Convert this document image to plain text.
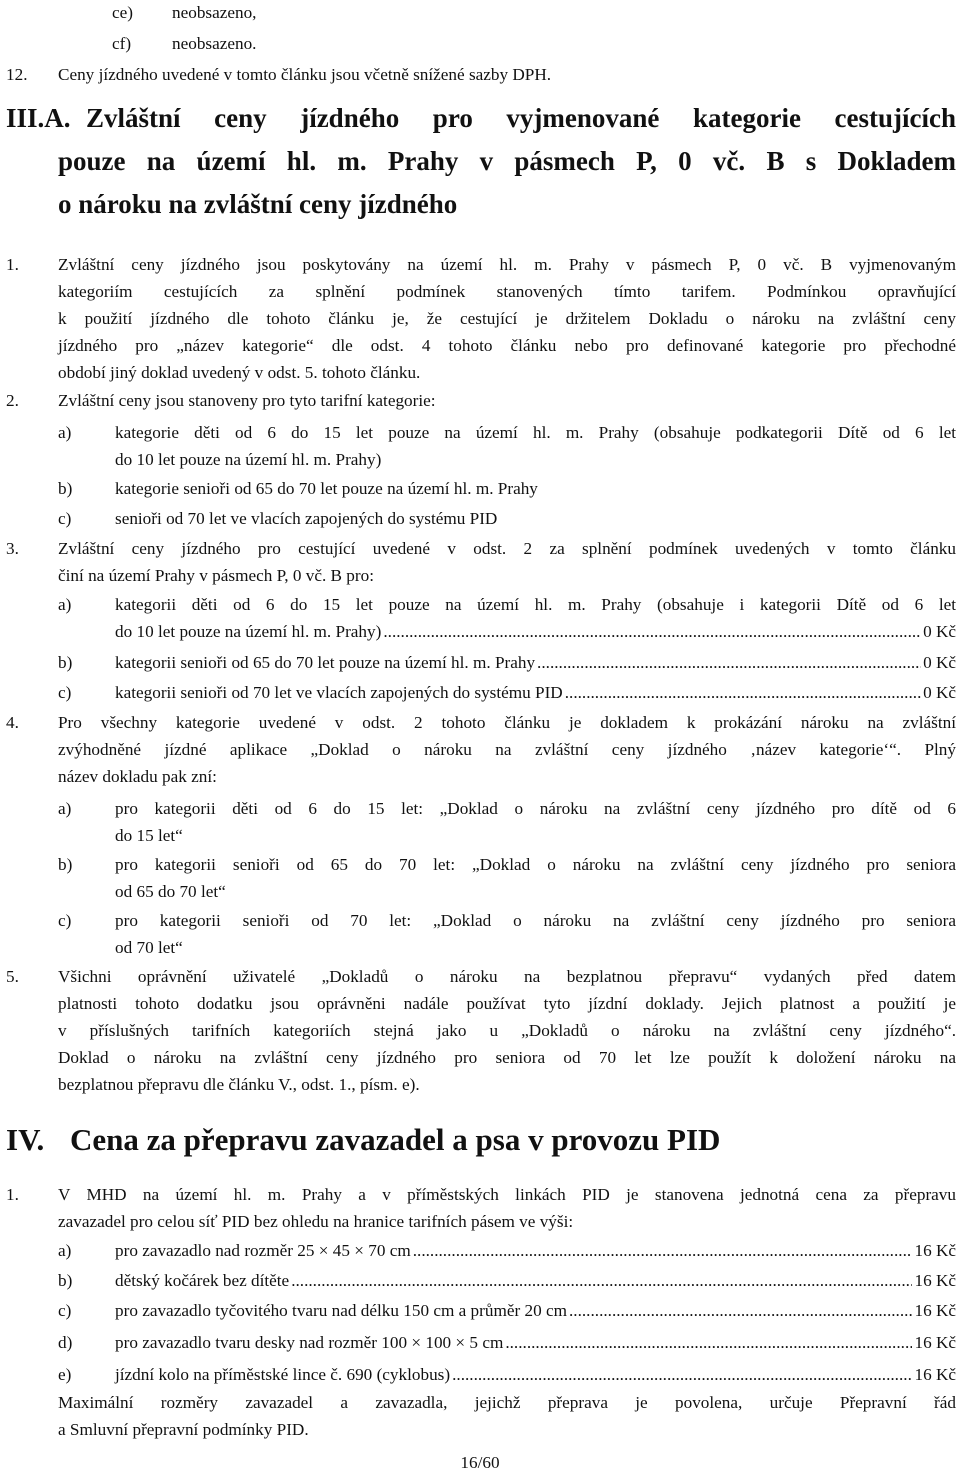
ce) neobsazeno,
cf) neobsazeno.
12. Ceny jízdného uvedené v tomto článku jsou včetně snížené sazby DPH.
III.A. Zvláštní ceny jízdného pro vyjmenované kategorie cestujících
pouze na území hl. m. Prahy v pásmech P, 0 vč. B s Dokladem
o nároku na zvláštní ceny jízdného
1. Zvláštní ceny jízdného jsou poskytovány na území hl. m. Prahy v pásmech P, 0 vč. B vyjmenovaným
kategoriím cestujících za splnění podmínek stanovených tímto tarifem. Podmínkou opravňující
k použití jízdného dle tohoto článku je, že cestující je držitelem Dokladu o nároku na zvláštní ceny
jízdného pro „název kategorie“ dle odst. 4 tohoto článku nebo pro definované kategorie pro přechodné
období jiný doklad uvedený v odst. 5. tohoto článku.
2. Zvláštní ceny jsou stanoveny pro tyto tarifní kategorie:
a)	kategorie děti od 6 do 15 let pouze na území hl. m. Prahy (obsahuje podkategorii Dítě od 6 let
do 10 let pouze na území hl. m. Prahy)
b) kategorie senioři od 65 do 70 let pouze na území hl. m. Prahy
c)	senioři od 70 let ve vlacích zapojených do systému PID
3. Zvláštní ceny jízdného pro cestující uvedené v odst. 2 za splnění podmínek uvedených v tomto článku
činí na území Prahy v pásmech P, 0 vč. B pro:
a)	kategorii děti od 6 do 15 let pouze na území hl. m. Prahy (obsahuje i kategorii Dítě od 6 let
do 10 let pouze na území hl. m. Prahy) .....	0 Kč
b) kategorii senioři od 65 do 70 let pouze na území hl. m. Prahy .....	0 Kč
c)	kategorii senioři od 70 let ve vlacích zapojených do systému PID .....	0 Kč
4. Pro všechny kategorie uvedené v odst. 2 tohoto článku je dokladem k prokázání nároku na zvláštní
zvýhodněné jízdné aplikace „Doklad o nároku na zvláštní ceny jízdného ‚název kategorie‘“. Plný
název dokladu pak zní:
a)	pro kategorii děti od 6 do 15 let: „Doklad o nároku na zvláštní ceny jízdného pro dítě od 6
do 15 let“
b) pro kategorii senioři od 65 do 70 let: „Doklad o nároku na zvláštní ceny jízdného pro seniora
od 65 do 70 let“
c)	pro kategorii senioři od 70 let: „Doklad o nároku na zvláštní ceny jízdného pro seniora
od 70 let“
5. Všichni oprávnění uživatelé „Dokladů o nároku na bezplatnou přepravu“ vydaných před datem
platnosti tohoto dodatku jsou oprávněni nadále používat tyto jízdní doklady. Jejich platnost a použití je
v příslušných tarifních kategoriích stejná jako u „Dokladů o nároku na zvláštní ceny jízdného“.
Doklad o nároku na zvláštní ceny jízdného pro seniora od 70 let lze použít k doložení nároku na
bezplatnou přepravu dle článku V., odst. 1., písm. e).
IV. Cena za přepravu zavazadel a psa v provozu PID
1. V MHD na území hl. m. Prahy a v příměstských linkách PID je stanovena jednotná cena za přepravu
zavazadel pro celou síť PID bez ohledu na hranice tarifních pásem ve výši:
a)	pro zavazadlo nad rozměr 25 × 45 × 70 cm .....	16 Kč
b) dětský kočárek bez dítěte .....	16 Kč
c)	pro zavazadlo tyčovitého tvaru nad délku 150 cm a průměr 20 cm .....	16 Kč
d) pro zavazadlo tvaru desky nad rozměr 100 × 100 × 5 cm .....	16 Kč
e)	jízdní kolo na příměstské lince č. 690 (cyklobus) .....	16 Kč
Maximální rozměry zavazadel a zavazadla, jejichž přeprava je povolena, určuje Přepravní řád
a Smluvní přepravní podmínky PID.
16/60
